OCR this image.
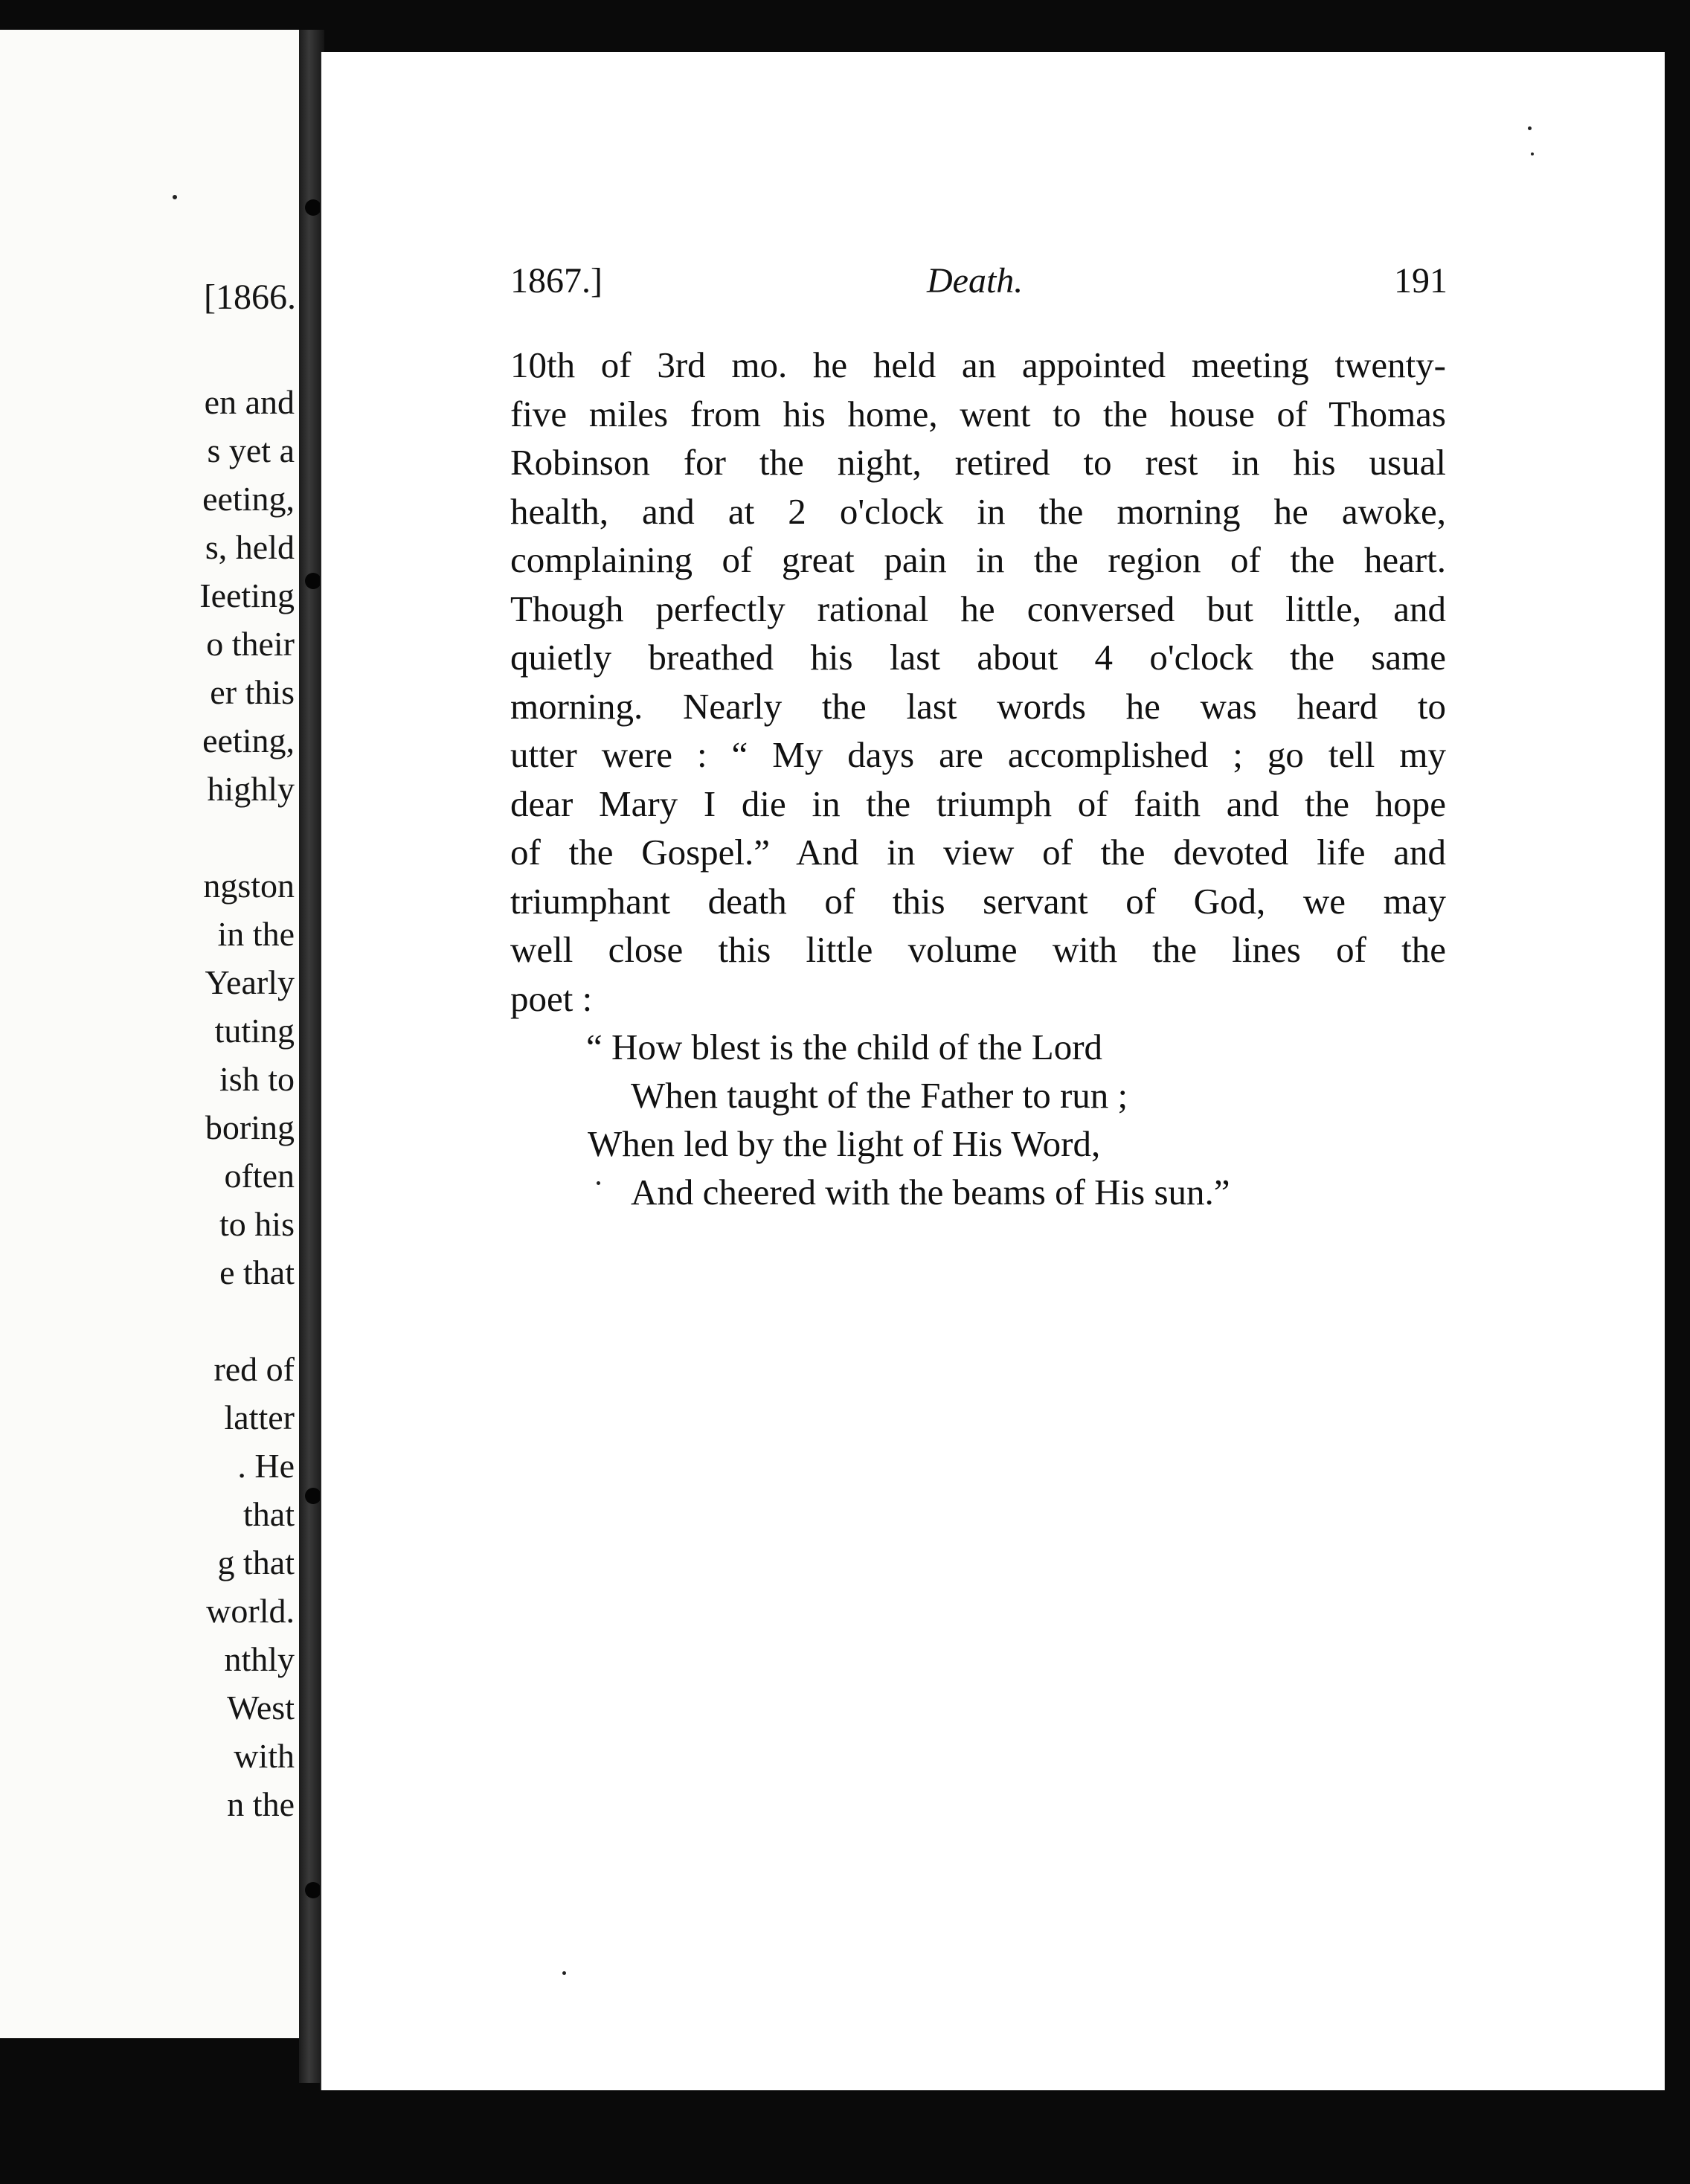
[1866.
en and
s yet a
eeting,
s, held
Ieeting
o their
er this
eeting,
highly
ngston
in the
Yearly
tuting
ish to
boring
often
to his
e that
red of
latter
. He
that
g that
world.
nthly
West
with
n the
1867.]	Death.	191
10th of 3rd mo. he held an appointed meeting twenty-
five miles from his home, went to the house of Thomas
Robinson for the night, retired to rest in his usual
health, and at 2 o'clock in the morning he awoke,
complaining of great pain in the region of the heart.
Though perfectly rational he conversed but little, and
quietly breathed his last about 4 o'clock the same
morning. Nearly the last words he was heard to
utter were : “ My days are accomplished ; go tell my
dear Mary I die in the triumph of faith and the hope
of the Gospel.” And in view of the devoted life and
triumphant death of this servant of God, we may
well close this little volume with the lines of the
poet :
“ How blest is the child of the Lord
When taught of the Father to run ;
When led by the light of His Word,
And cheered with the beams of His sun.”
